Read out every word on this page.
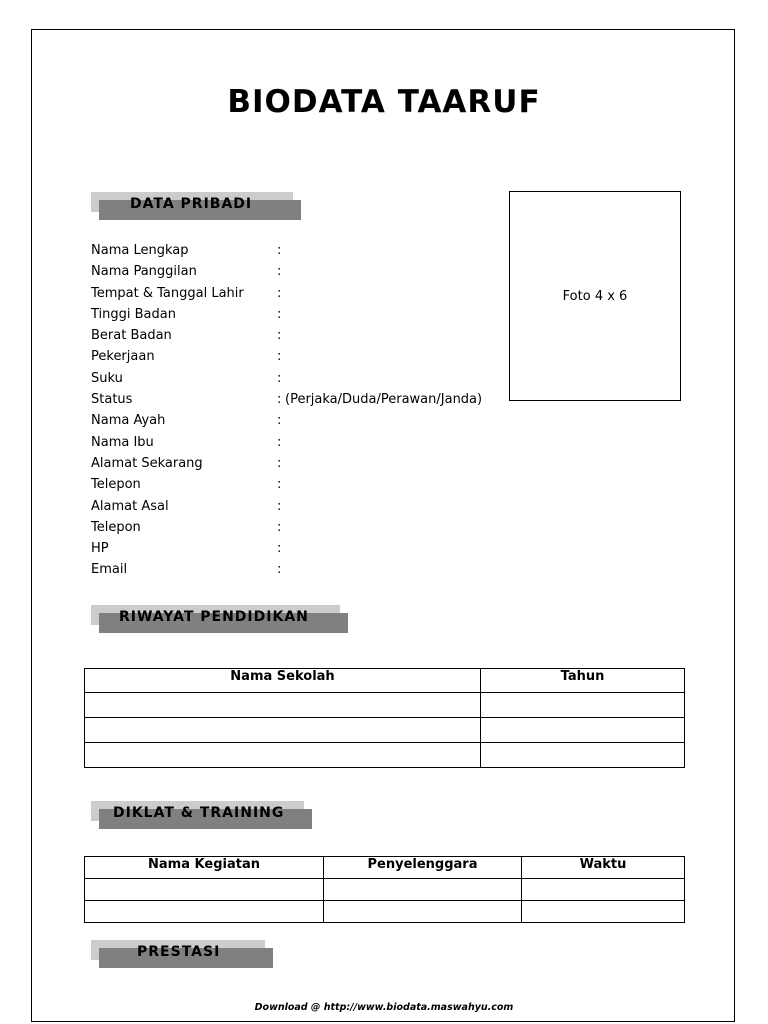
BIODATA TAARUF
DATA PRIBADI
Foto 4 x 6
Nama Lengkap	:
Nama Panggilan	:
Tempat & Tanggal Lahir	:
Tinggi Badan	:
Berat Badan	:
Pekerjaan	:
Suku	:
Status	: (Perjaka/Duda/Perawan/Janda)
Nama Ayah	:
Nama Ibu	:
Alamat Sekarang	:
Telepon	:
Alamat Asal	:
Telepon	:
HP	:
Email	:
RIWAYAT PENDIDIKAN
Nama Sekolah	Tahun

DIKLAT & TRAINING
Nama Kegiatan	Penyelenggara	Waktu

PRESTASI
Download @ http://www.biodata.maswahyu.com
